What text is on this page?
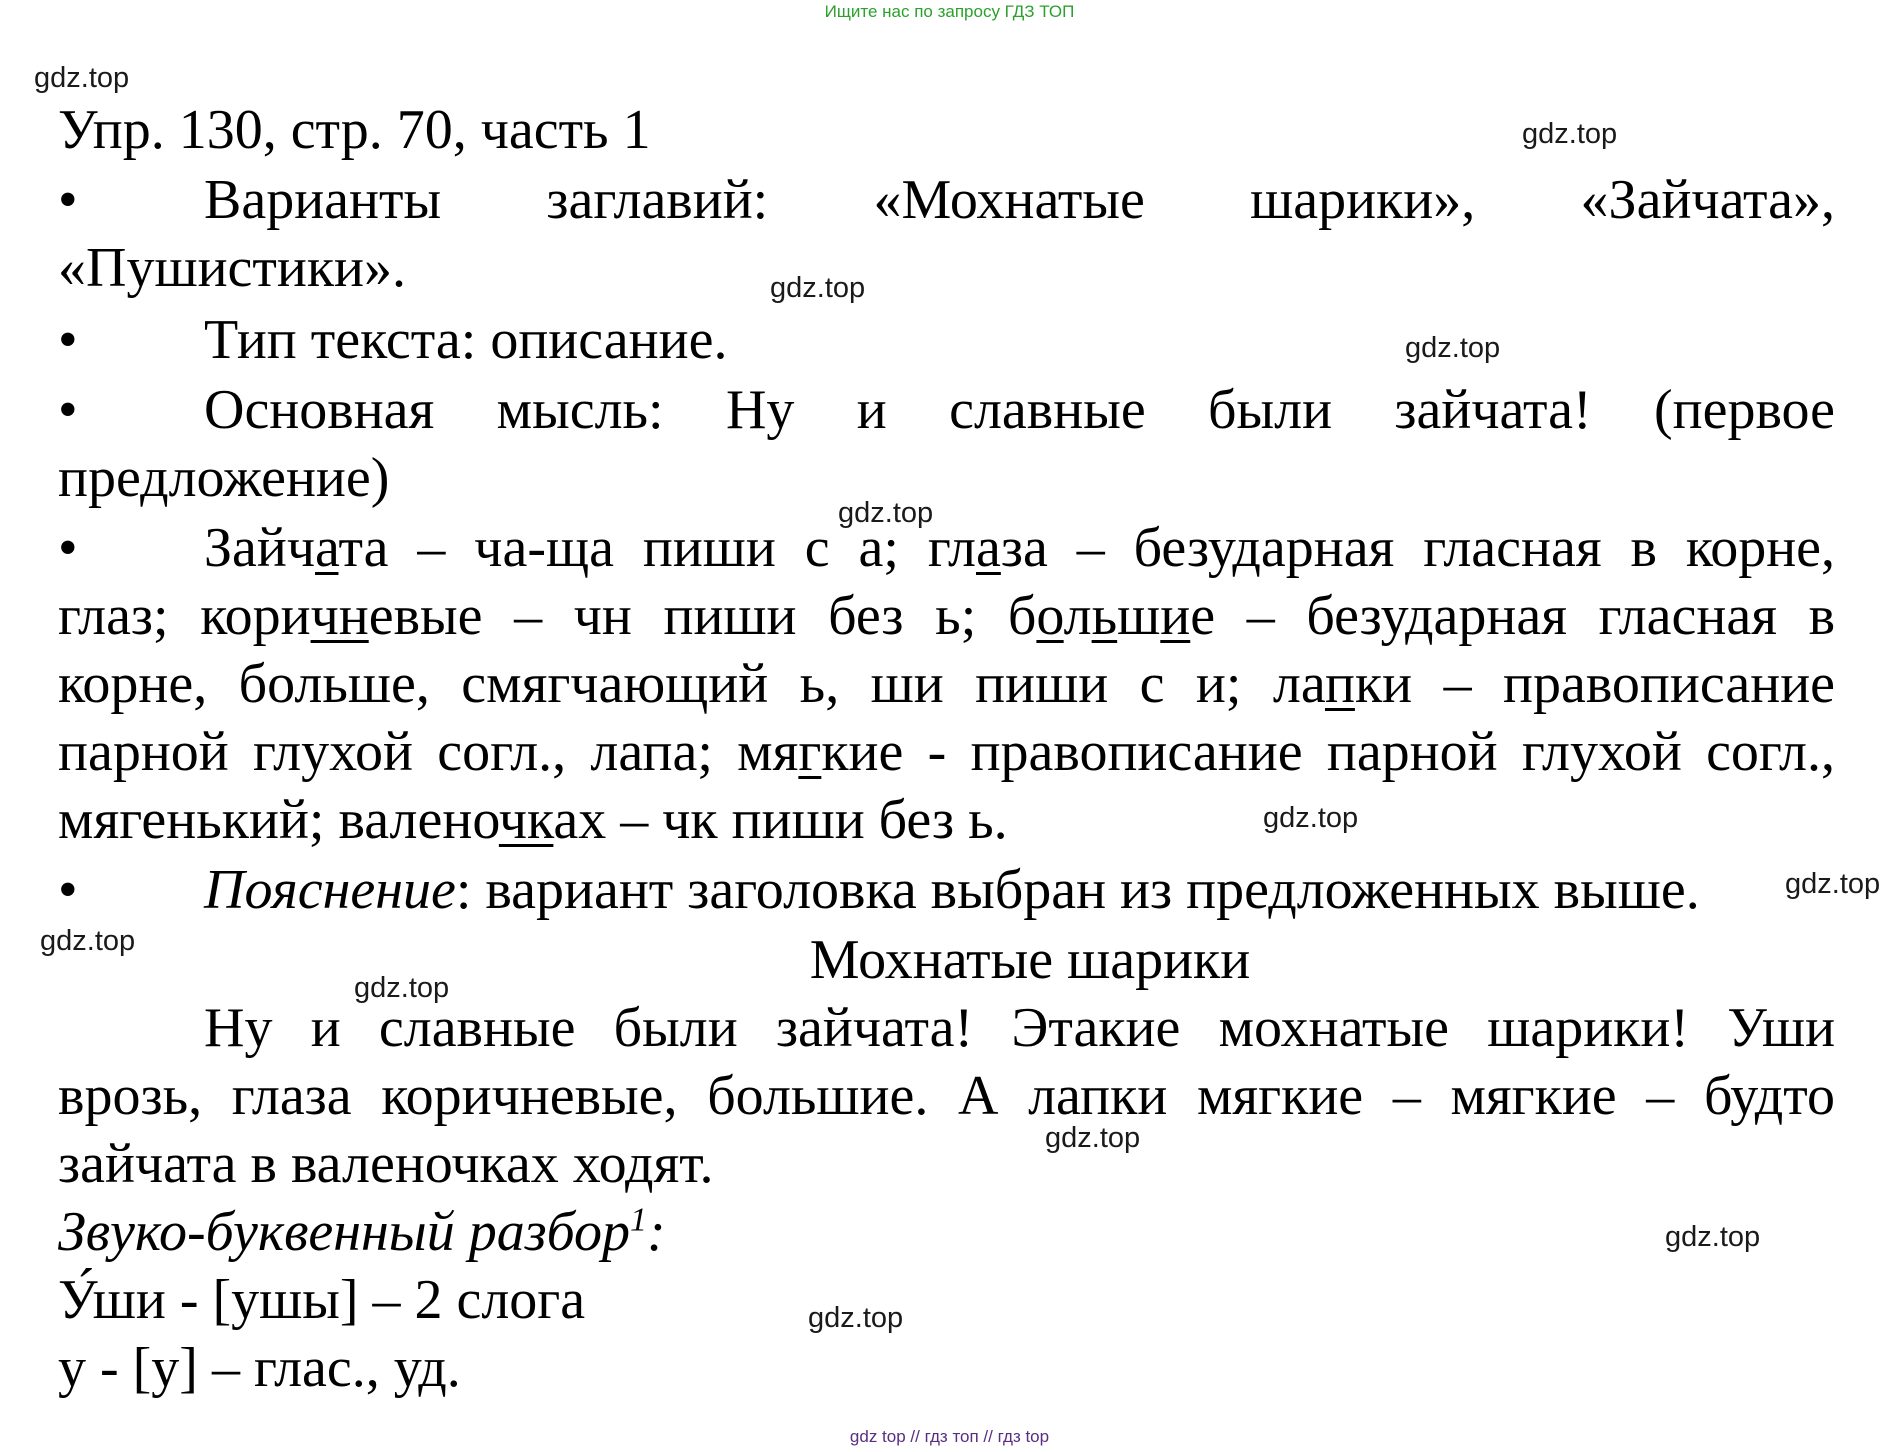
Ищите нас по запросу ГДЗ ТОП
gdz.top
gdz.top
gdz.top
gdz.top
gdz.top
gdz.top
gdz.top
gdz.top
gdz.top
gdz.top
gdz.top
gdz.top
Упр. 130, стр. 70, часть 1
• Варианты заглавий: «Мохнатые шарики», «Зайчата»,
«Пушистики».
• Тип текста: описание.
• Основная мысль: Ну и славные были зайчата! (первое
предложение)
• Зайчата – ча-ща пиши с а; глаза – безударная гласная в корне,
глаз; коричневые – чн пиши без ь; большие – безударная гласная в
корне, больше, смягчающий ь, ши пиши с и; лапки – правописание
парной глухой согл., лапа; мягкие - правописание парной глухой согл.,
мягенький; валеночках – чк пиши без ь.
• Пояснение: вариант заголовка выбран из предложенных выше.
Мохнатые шарики
Ну и славные были зайчата! Этакие мохнатые шарики! Уши
врозь, глаза коричневые, большие. А лапки мягкие – мягкие – будто
зайчата в валеночках ходят.
Звуко-буквенный разбор$^1$:
У́ши - [ушы] – 2 слога
у - [у] – глас., уд.
gdz top // гдз топ // гдз top
